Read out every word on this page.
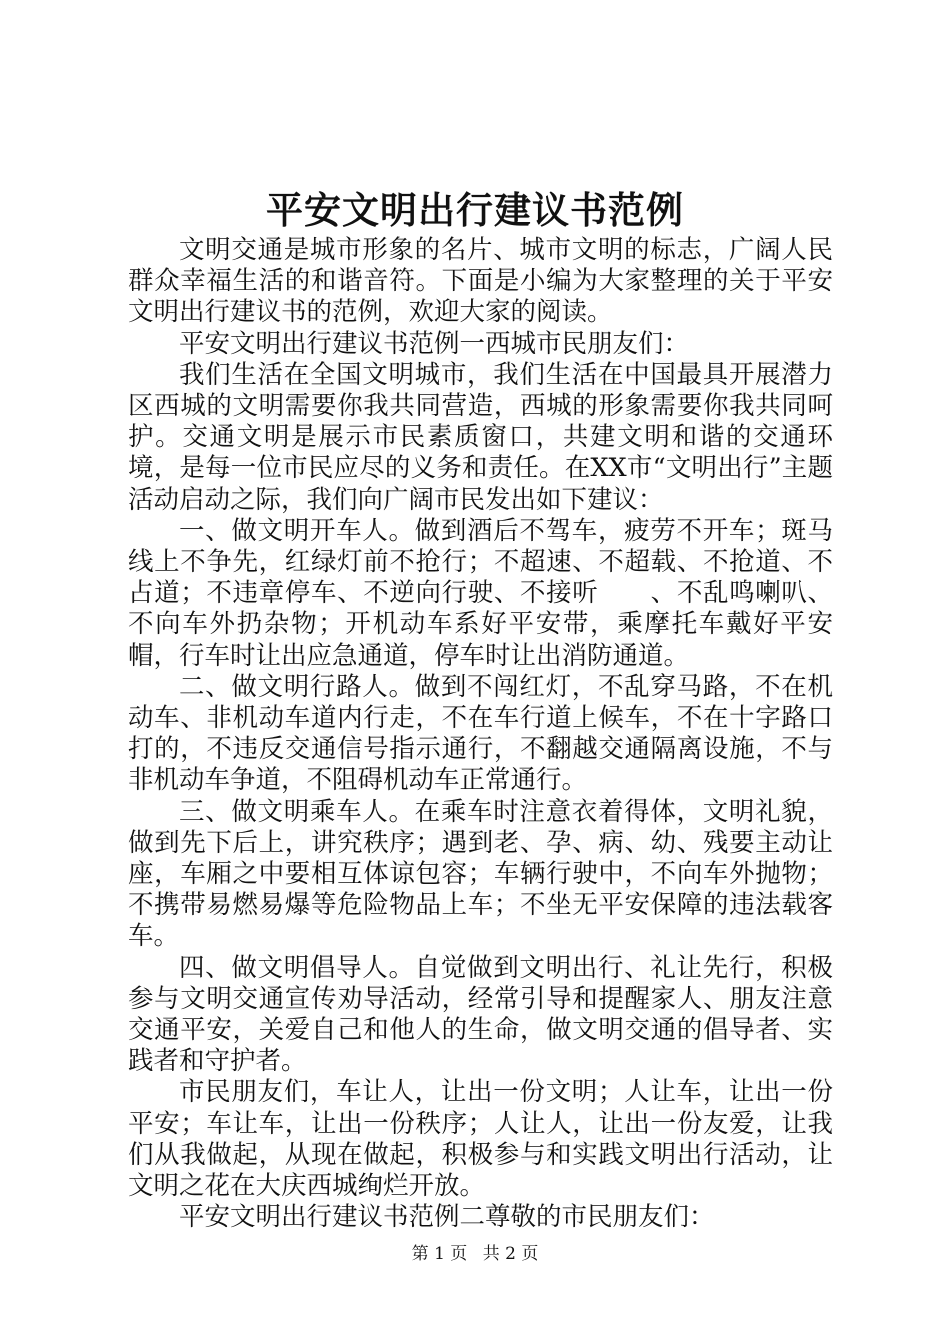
平安文明出行建议书范例

文明交通是城市形象的名片、城市文明的标志，广阔人民群众幸福生活的和谐音符。下面是小编为大家整理的关于平安文明出行建议书的范例，欢迎大家的阅读。

平安文明出行建议书范例一西城市民朋友们：

我们生活在全国文明城市，我们生活在中国最具开展潜力区西城的文明需要你我共同营造，西城的形象需要你我共同呵护。交通文明是展示市民素质窗口，共建文明和谐的交通环境，是每一位市民应尽的义务和责任。在XX市“文明出行”主题活动启动之际，我们向广阔市民发出如下建议：

一、做文明开车人。做到酒后不驾车，疲劳不开车；斑马线上不争先，红绿灯前不抢行；不超速、不超载、不抢道、不占道；不违章停车、不逆向行驶、不接听　　、不乱鸣喇叭、不向车外扔杂物；开机动车系好平安带，乘摩托车戴好平安帽，行车时让出应急通道，停车时让出消防通道。

二、做文明行路人。做到不闯红灯，不乱穿马路，不在机动车、非机动车道内行走，不在车行道上候车，不在十字路口打的，不违反交通信号指示通行，不翻越交通隔离设施，不与非机动车争道，不阻碍机动车正常通行。

三、做文明乘车人。在乘车时注意衣着得体，文明礼貌，做到先下后上，讲究秩序；遇到老、孕、病、幼、残要主动让座，车厢之中要相互体谅包容；车辆行驶中，不向车外抛物；不携带易燃易爆等危险物品上车；不坐无平安保障的违法载客车。

四、做文明倡导人。自觉做到文明出行、礼让先行，积极参与文明交通宣传劝导活动，经常引导和提醒家人、朋友注意交通平安，关爱自己和他人的生命，做文明交通的倡导者、实践者和守护者。

市民朋友们，车让人，让出一份文明；人让车，让出一份平安；车让车，让出一份秩序；人让人，让出一份友爱，让我们从我做起，从现在做起，积极参与和实践文明出行活动，让文明之花在大庆西城绚烂开放。

平安文明出行建议书范例二尊敬的市民朋友们：

第 1 页 共 2 页
